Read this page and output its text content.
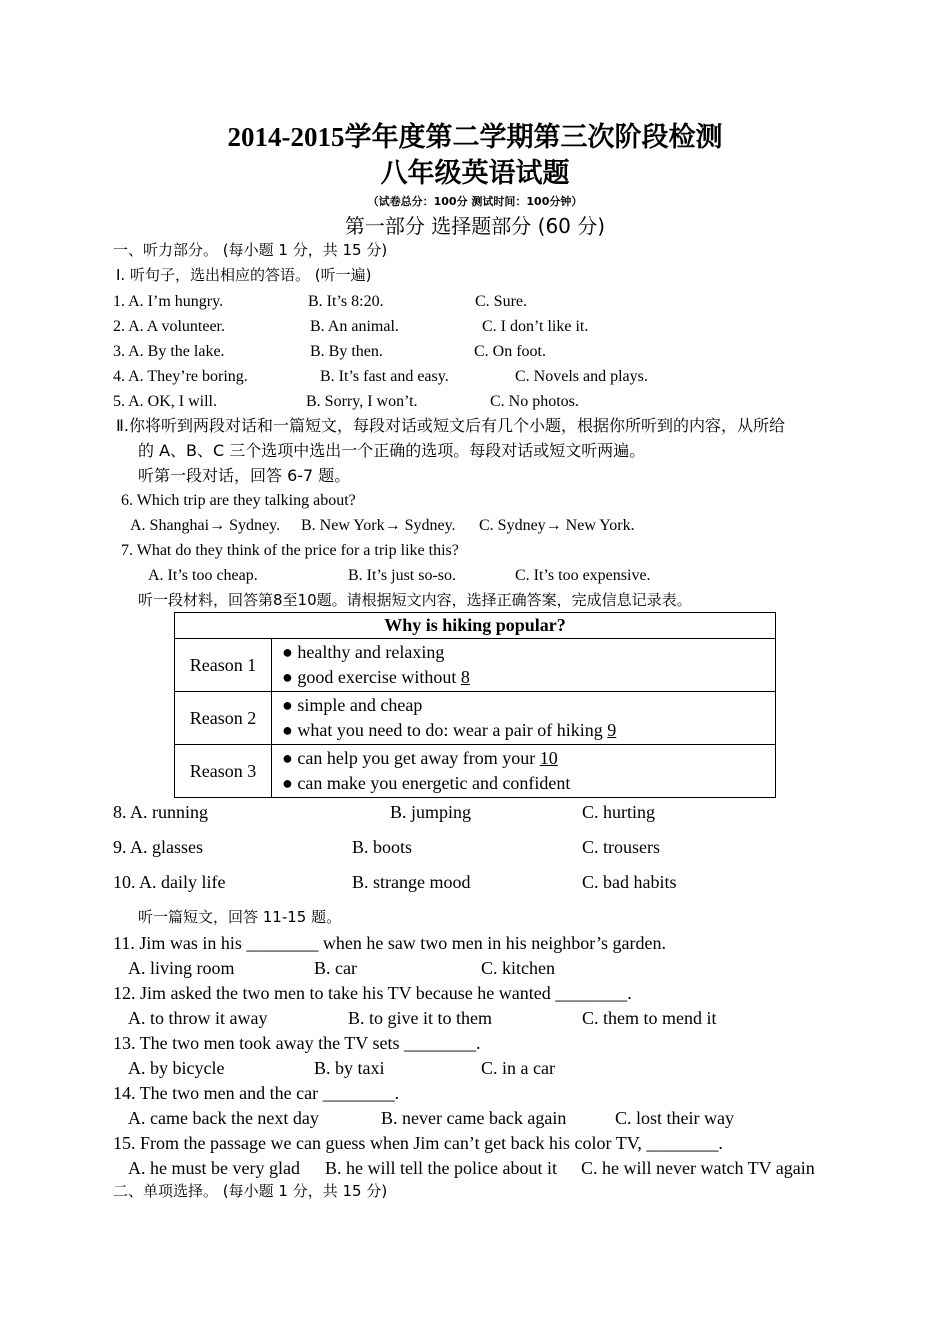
2014-2015学年度第二学期第三次阶段检测
八年级英语试题
（试卷总分：100分 测试时间：100分钟）
第一部分 选择题部分 (60 分)
一、听力部分。 (每小题 1 分，共 15 分)
Ⅰ. 听句子，选出相应的答语。 (听一遍)
1. A. I’m hungry.	B. It’s 8:20.	C. Sure.
2. A. A volunteer.	B. An animal.	C. I don’t like it.
3. A. By the lake.	B. By then.	C. On foot.
4. A. They’re boring.	B. It’s fast and easy.	C. Novels and plays.
5. A. OK, I will.	B. Sorry, I won’t.	C. No photos.
Ⅱ.你将听到两段对话和一篇短文，每段对话或短文后有几个小题，根据你所听到的内容，从所给
的 A、B、C 三个选项中选出一个正确的选项。每段对话或短文听两遍。
听第一段对话，回答 6-7 题。
6. Which trip are they talking about?
A. Shanghai→ Sydney. B. New York→ Sydney. C. Sydney→ New York.
7. What do they think of the price for a trip like this?
A. It’s too cheap.	B. It’s just so-so.	C. It’s too expensive.
听一段材料，回答第8至10题。请根据短文内容，选择正确答案，完成信息记录表。
Why is hiking popular?	
Reason 1	● healthy and relaxing
● good exercise without 8

Reason 2	● simple and cheap
● what you need to do: wear a pair of hiking 9

Reason 3	● can help you get away from your 10
● can make you energetic and confident
8. A. running	B. jumping	C. hurting
9. A. glasses	B. boots	C. trousers
10. A. daily life	B. strange mood	C. bad habits
听一篇短文，回答 11-15 题。
11. Jim was in his ________ when he saw two men in his neighbor’s garden.
A. living room	B. car	C. kitchen
12. Jim asked the two men to take his TV because he wanted ________.
A. to throw it away	B. to give it to them	C. them to mend it
13. The two men took away the TV sets ________.
A. by bicycle	B. by taxi	C. in a car
14. The two men and the car ________.
A. came back the next day	B. never came back again	C. lost their way
15. From the passage we can guess when Jim can’t get back his color TV, ________.
A. he must be very glad B. he will tell the police about it C. he will never watch TV again
二、单项选择。 (每小题 1 分，共 15 分)
